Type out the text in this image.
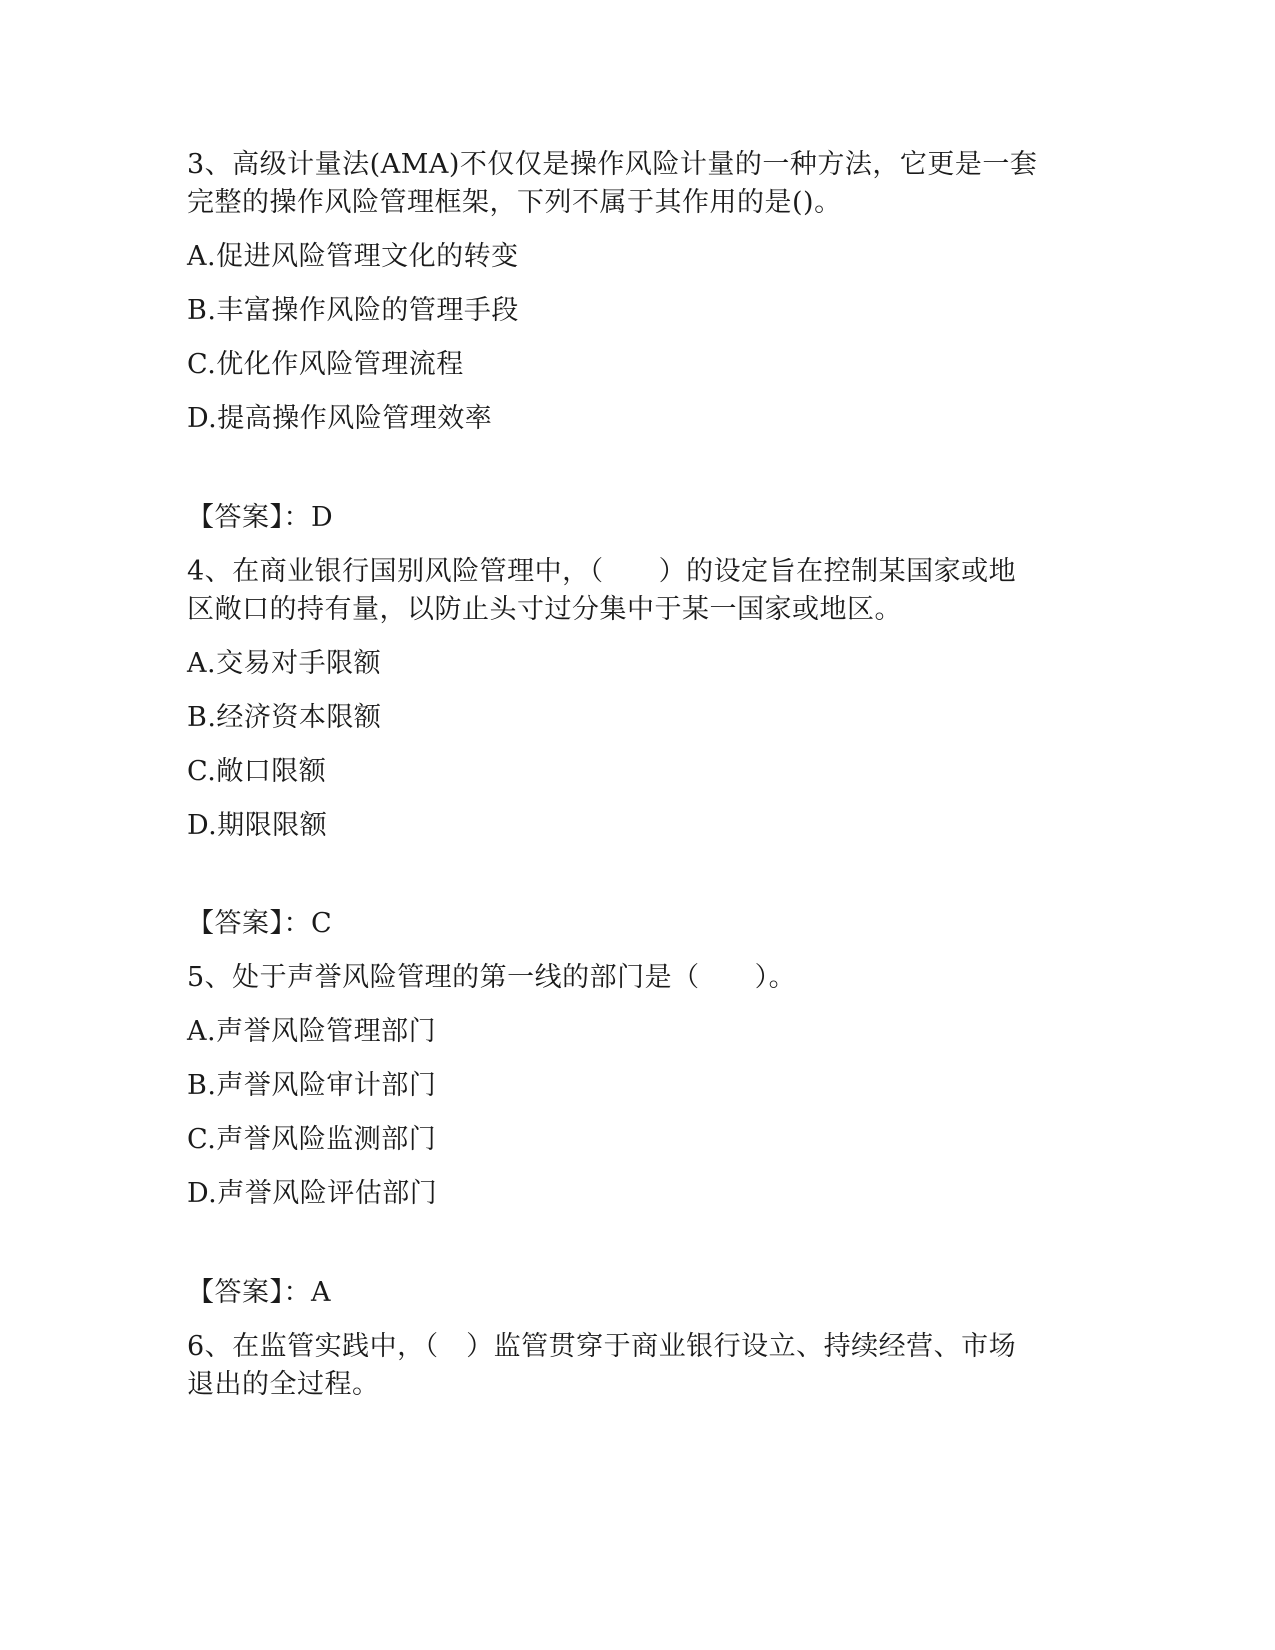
3、高级计量法(AMA)不仅仅是操作风险计量的一种方法，它更是一套
完整的操作风险管理框架，下列不属于其作用的是()。
A.促进风险管理文化的转变
B.丰富操作风险的管理手段
C.优化作风险管理流程
D.提高操作风险管理效率
【答案】：D
4、在商业银行国别风险管理中，（　　）的设定旨在控制某国家或地
区敞口的持有量，以防止头寸过分集中于某一国家或地区。
A.交易对手限额
B.经济资本限额
C.敞口限额
D.期限限额
【答案】：C
5、处于声誉风险管理的第一线的部门是（　　）。
A.声誉风险管理部门
B.声誉风险审计部门
C.声誉风险监测部门
D.声誉风险评估部门
【答案】：A
6、在监管实践中，（　）监管贯穿于商业银行设立、持续经营、市场
退出的全过程。
